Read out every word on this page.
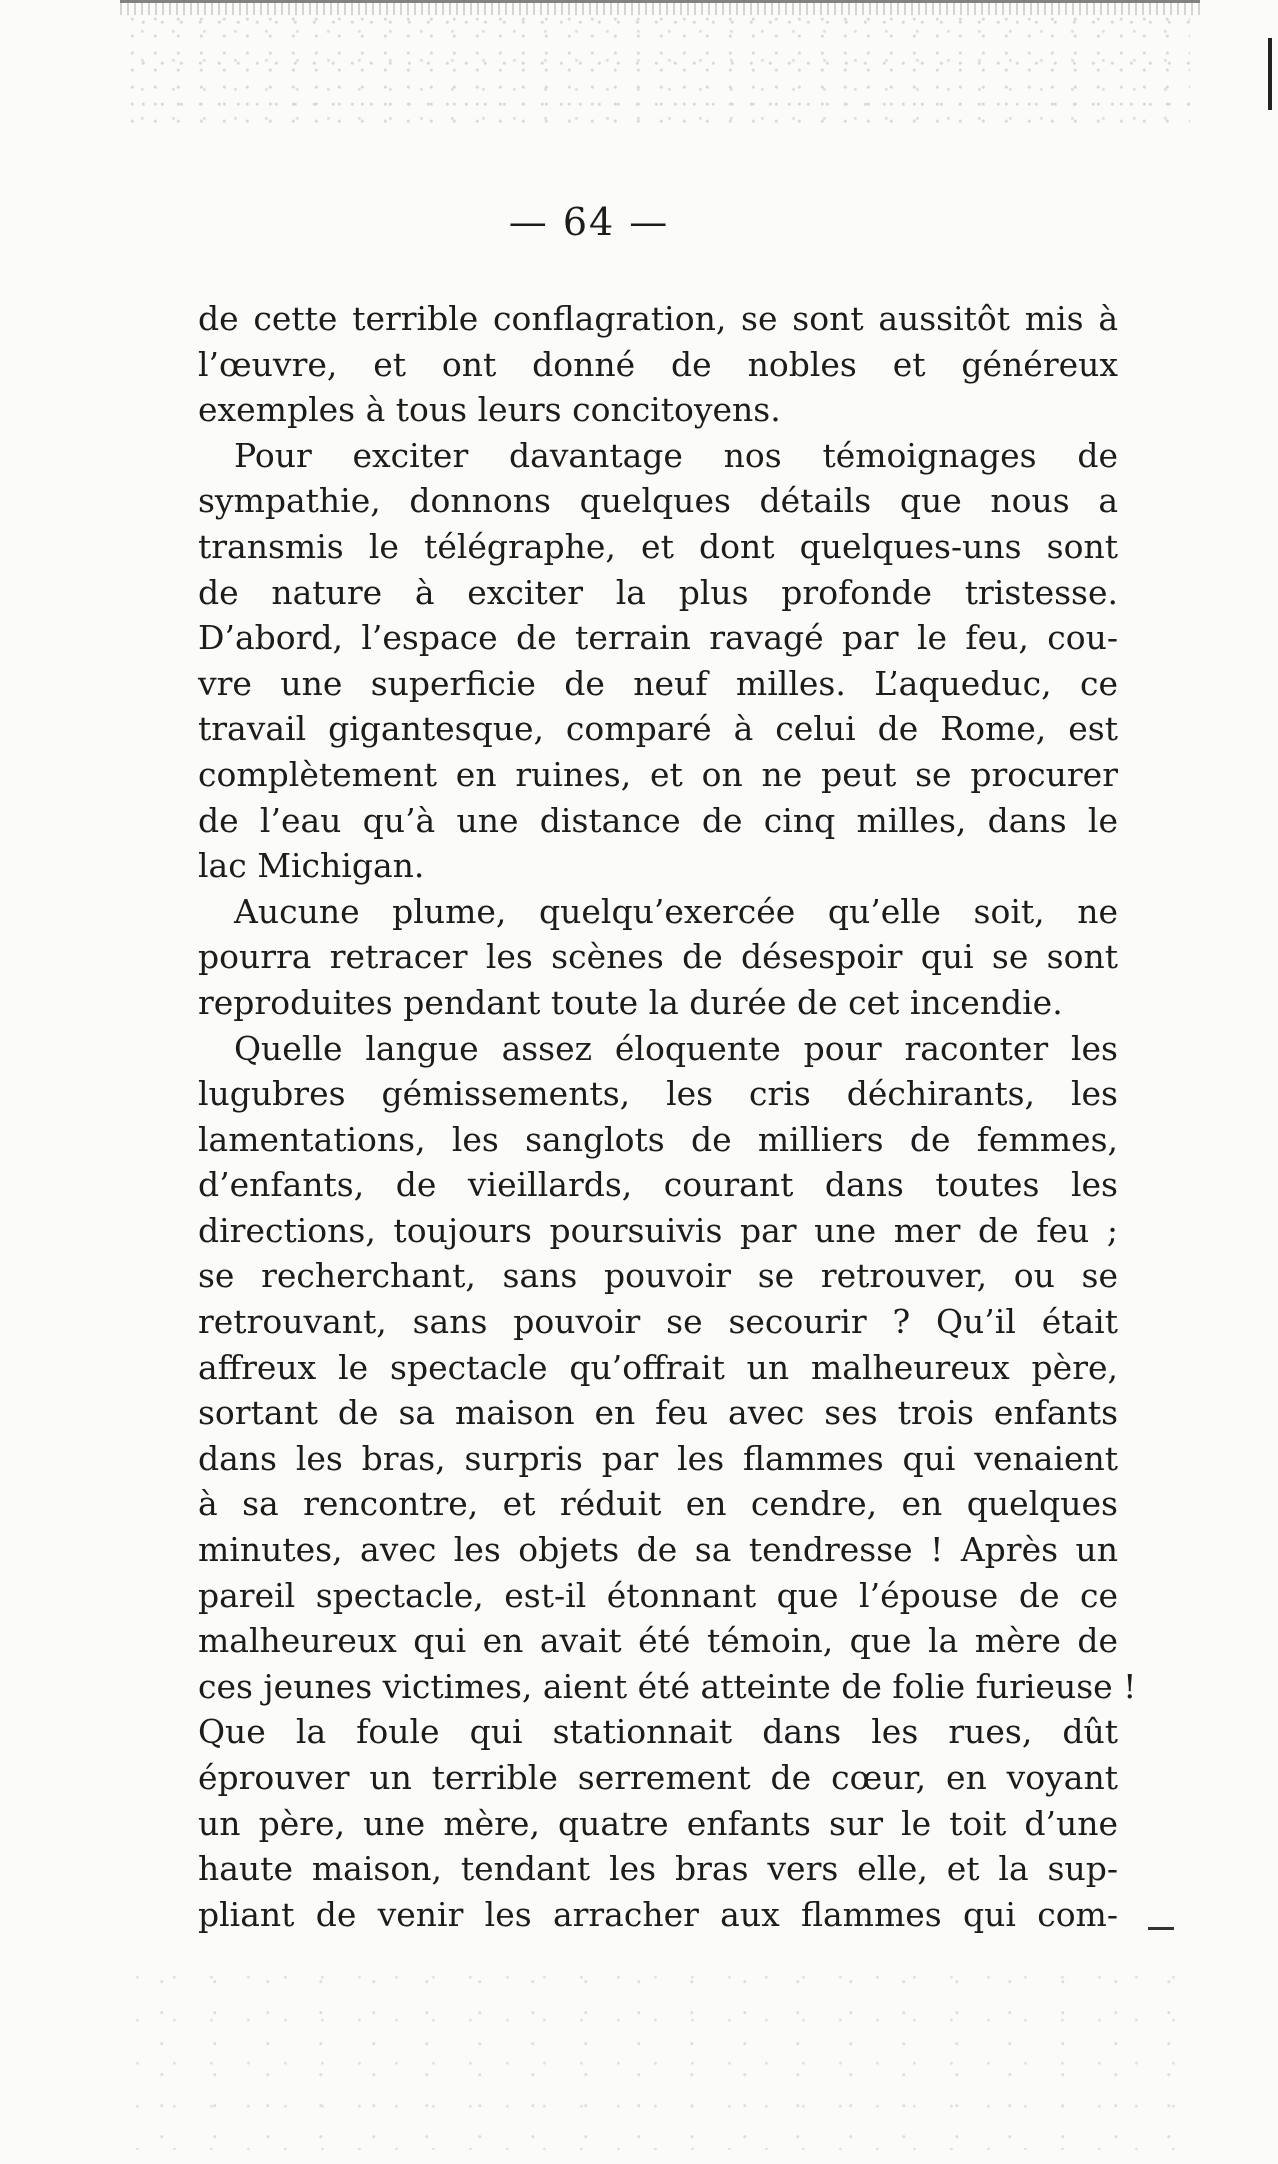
— 64 —
de cette terrible conflagration, se sont aussitôt mis à
l’œuvre, et ont donné de nobles et généreux
exemples à tous leurs concitoyens.
Pour exciter davantage nos témoignages de
sympathie, donnons quelques détails que nous a
transmis le télégraphe, et dont quelques-uns sont
de nature à exciter la plus profonde tristesse.
D’abord, l’espace de terrain ravagé par le feu, cou-
vre une superficie de neuf milles. L’aqueduc, ce
travail gigantesque, comparé à celui de Rome, est
complètement en ruines, et on ne peut se procurer
de l’eau qu’à une distance de cinq milles, dans le
lac Michigan.
Aucune plume, quelqu’exercée qu’elle soit, ne
pourra retracer les scènes de désespoir qui se sont
reproduites pendant toute la durée de cet incendie.
Quelle langue assez éloquente pour raconter les
lugubres gémissements, les cris déchirants, les
lamentations, les sanglots de milliers de femmes,
d’enfants, de vieillards, courant dans toutes les
directions, toujours poursuivis par une mer de feu ;
se recherchant, sans pouvoir se retrouver, ou se
retrouvant, sans pouvoir se secourir ? Qu’il était
affreux le spectacle qu’offrait un malheureux père,
sortant de sa maison en feu avec ses trois enfants
dans les bras, surpris par les flammes qui venaient
à sa rencontre, et réduit en cendre, en quelques
minutes, avec les objets de sa tendresse ! Après un
pareil spectacle, est-il étonnant que l’épouse de ce
malheureux qui en avait été témoin, que la mère de
ces jeunes victimes, aient été atteinte de folie furieuse !
Que la foule qui stationnait dans les rues, dût
éprouver un terrible serrement de cœur, en voyant
un père, une mère, quatre enfants sur le toit d’une
haute maison, tendant les bras vers elle, et la sup-
pliant de venir les arracher aux flammes qui com-
